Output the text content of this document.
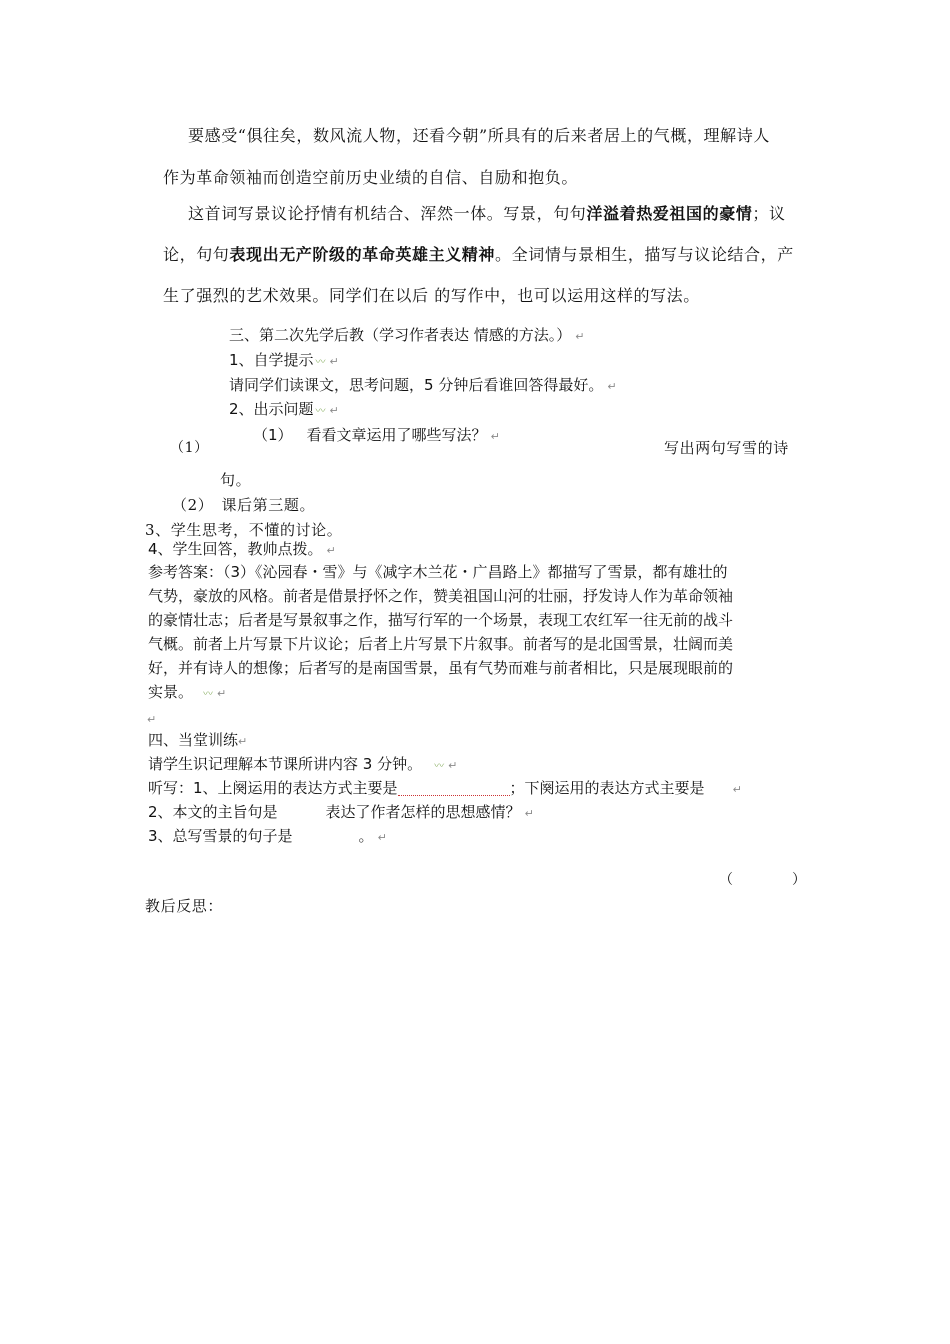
要感受“俱往矣，数风流人物，还看今朝”所具有的后来者居上的气概，理解诗人
作为革命领袖而创造空前历史业绩的自信、自励和抱负。
这首词写景议论抒情有机结合、浑然一体。写景，句句洋溢着热爱祖国的豪情；议
论，句句表现出无产阶级的革命英雄主义精神。全词情与景相生，描写与议论结合，产
生了强烈的艺术效果。同学们在以后 的写作中，也可以运用这样的写法。
三、第二次先学后教（学习作者表达 情感的方法。） ↵
1、自学提示 〰 ↵
请同学们读课文，思考问题，5 分钟后看谁回答得最好。 ↵
2、出示问题 〰 ↵
（1） 看看文章运用了哪些写法？ ↵
（1）	写出两句写雪的诗
句。
（2）　课后第三题。
3、学生思考，不懂的讨论。
4、学生回答，教帅点拨。 ↵
参考答案：（3）《沁园春・雪》与《减字木兰花・广昌路上》都描写了雪景，都有雄壮的
气势，豪放的风格。前者是借景抒怀之作，赞美祖国山河的壮丽，抒发诗人作为革命领袖
的豪情壮志；后者是写景叙事之作，描写行军的一个场景，表现工农红军一往无前的战斗
气概。前者上片写景下片议论；后者上片写景下片叙事。前者写的是北国雪景，壮阔而美
好，并有诗人的想像；后者写的是南国雪景，虽有气势而难与前者相比，只是展现眼前的
实景。 〰 ↵
↵
四、当堂训练↵
请学生识记理解本节课所讲内容 3 分钟。 〰 ↵
听写：1、上阕运用的表达方式主要是	；下阕运用的表达方式主要是	↵
2、本文的主旨句是	表达了作者怎样的思想感情？ ↵
3、总写雪景的句子是	。 ↵
（　　　　）
教后反思：
